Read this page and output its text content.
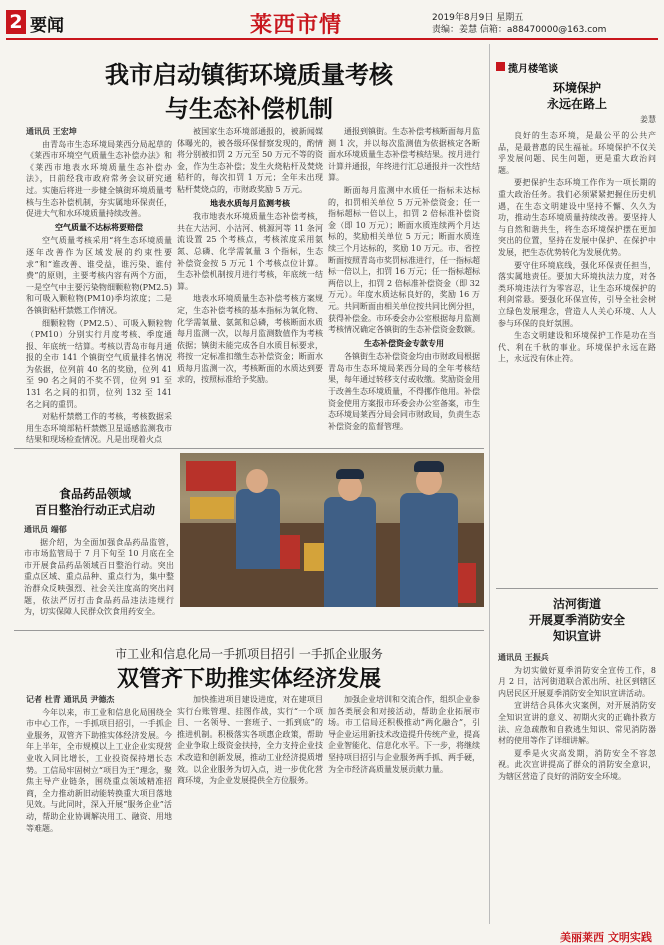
2 要闻	莱西市情	2019年8月9日 星期五
责编：姜慧 信箱：a88470000@163.com
我市启动镇街环境质量考核
与生态补偿机制

通讯员 王宏坤

由青岛市生态环境局莱西分局起草的《莱西市环境空气质量生态补偿办法》和《莱西市地表水环境质量生态补偿办法》，日前经我市政府常务会议研究通过。实施后将进一步健全镇街环境质量考核与生态补偿机制，夯实属地环保责任，促进大气和水环境质量持续改善。

空气质量不达标将要赔偿

空气质量考核采用“将生态环境质量逐年改善作为区域发展的约束性要求”和“谁改善、谁受益，谁污染、谁付费”的原则，主要考核内容有两个方面，一是空气中主要污染物细颗粒物(PM2.5)和可吸入颗粒物(PM10)季均浓度；二是各镇街粘杆禁燃工作情况。

细颗粒物（PM2.5）、可吸入颗粒物（PM10）分别实行月度考核、季度通报、年底统一结算。考核以青岛市每月通报的全市 141 个镇街空气质量排名情况为依据，位列前 40 名的奖励，位列 41 至 90 名之间的不奖不罚，位列 91 至 131 名之间的扣罚，位列 132 至 141 名之间的重罚。

对粘杆禁燃工作的考核，考核数据采用生态环境部粘杆禁燃卫星遥感监测我市结果和现场检查情况。凡是出现着火点

被国家生态环境部通报的，被新闻媒体曝光的，被各级环保督察发现的，酌情将分别被扣罚 2 万元至 50 万元不等的资金，作为生态补偿；发生火烧粘杆及焚烧秸秆的，每次扣罚 1 万元；全年未出现粘杆焚烧点的，市财政奖励 5 万元。

地表水质每月监测考核

我市地表水环境质量生态补偿考核，共在大沽河、小沽河、桃源河等 11 条河流设置 25 个考核点，考核浓度采用氨氮、总磷、化学需氧量 3 个指标，生态补偿资金按 5 万元 1 个考核点位计算。生态补偿机制按月进行考核，年底统一结算。

地表水环境质量生态补偿考核方案规定，生态补偿考核的基本指标为氧化物、化学需氧量、氨氮和总磷，考核断面水质每月监测一次，以每月监测数值作为考核依据；镇街未能完成各自水质目标要求，将按一定标准扣缴生态补偿资金；断面水质每月监测一次，考核断面的水质达到要求的，按照标准给予奖励。

通报到镇街。生态补偿考核断面每月监测 1 次，并以每次监测值为依据核定各断面水环境质量生态补偿考核结果。按月进行计算并通报，年终进行汇总通报并一次性结算。

断面每月监测中水质任一指标未达标的，扣罚相关单位 5 万元补偿资金；任一指标超标一倍以上，扣罚 2 倍标准补偿资金（即 10 万元）；断面水质连续两个月达标的，奖励相关单位 5 万元；断面水质连续三个月达标的，奖励 10 万元。市、省控断面按照青岛市奖罚标准进行，任一指标超标一倍以上，扣罚 16 万元；任一指标超标两倍以上，扣罚 2 倍标准补偿资金（即 32 万元）。年度水质达标良好的，奖励 16 万元。共同断面由相关单位按共同比例分担，获得补偿金。市环委会办公室根据每月监测考核情况确定各镇街的生态补偿资金数额。

生态补偿资金专款专用

各镇街生态补偿资金均由市财政局根据青岛市生态环境局莱西分局的全年考核结果，每年通过转移支付或收缴。奖励资金用于改善生态环境质量，不得挪作他用。补偿资金使用方案报市环委会办公室备案，市生态环境局莱西分局会同市财政局，负责生态补偿资金的监督管理。

揽月楼笔谈
环境保护
永远在路上
姜慧

良好的生态环境，是最公平的公共产品，是最普惠的民生福祉。环境保护不仅关乎发展问题、民生问题，更是重大政治问题。

要把保护生态环境工作作为一项长期的重大政治任务。我们必须紧紧把握住历史机遇，在生态文明建设中坚持不懈、久久为功，推动生态环境质量持续改善。要坚持人与自然和谐共生，将生态环境保护摆在更加突出的位置，坚持在发展中保护、在保护中发展，把生态优势转化为发展优势。

要守住环境底线，强化环保责任担当，落实属地责任。要加大环境执法力度，对各类环境违法行为零容忍，让生态环境保护的利剑常悬。要强化环保宣传，引导全社会树立绿色发展理念，营造人人关心环境、人人参与环保的良好氛围。

生态文明建设和环境保护工作是功在当代、利在千秋的事业。环境保护永远在路上，永远没有休止符。

沽河街道
开展夏季消防安全
知识宣讲

通讯员 王振兵

为切实做好夏季消防安全宣传工作，8 月 2 日，沽河街道联合派出所、社区到辖区内居民区开展夏季消防安全知识宣讲活动。

宣讲结合具体火灾案例，对开展消防安全知识宣讲的意义、初期火灾的正确扑救方法、应急疏散和自救逃生知识、常见消防器材的使用等作了详细讲解。

夏季是火灾高发期，消防安全不容忽视。此次宣讲提高了群众的消防安全意识，为辖区营造了良好的消防安全环境。

食品药品领域
百日整治行动正式启动

通讯员 端郁

据介绍，为全面加强食品药品监管，市市场监管局于 7 月下旬至 10 月底在全市开展食品药品领域百日整治行动。突出重点区域、重点品种、重点行为，集中整治群众反映强烈、社会关注度高的突出问题，依法严厉打击食品药品违法违规行为，切实保障人民群众饮食用药安全。

市工业和信息化局一手抓项目招引 一手抓企业服务
双管齐下助推实体经济发展

记者 杜青 通讯员 尹德杰

今年以来，市工业和信息化局围绕全市中心工作，一手抓项目招引，一手抓企业服务，双管齐下助推实体经济发展。今年上半年，全市规模以上工业企业实现营业收入同比增长，工业投资保持增长态势。工信局牢固树立“项目为王”理念，聚焦主导产业链条，围绕重点领域精准招商，全力推动新旧动能转换重大项目落地见效。与此同时，深入开展“服务企业”活动，帮助企业协调解决用工、融资、用地等难题。

加快推进项目建设进度，对在建项目实行台账管理、挂图作战，实行“一个项目、一名领导、一套班子、一抓到底”的推进机制。积极落实各项惠企政策，帮助企业争取上级资金扶持，全力支持企业技术改造和创新发展，推动工业经济提质增效。以企业服务为切入点，进一步优化营商环境，为企业发展提供全方位服务。

加强企业培训和交流合作，组织企业参加各类展会和对接活动，帮助企业拓展市场。市工信局还积极推动“两化融合”，引导企业运用新技术改造提升传统产业，提高企业智能化、信息化水平。下一步，将继续坚持项目招引与企业服务两手抓、两手硬，为全市经济高质量发展贡献力量。

美丽莱西 文明实践
